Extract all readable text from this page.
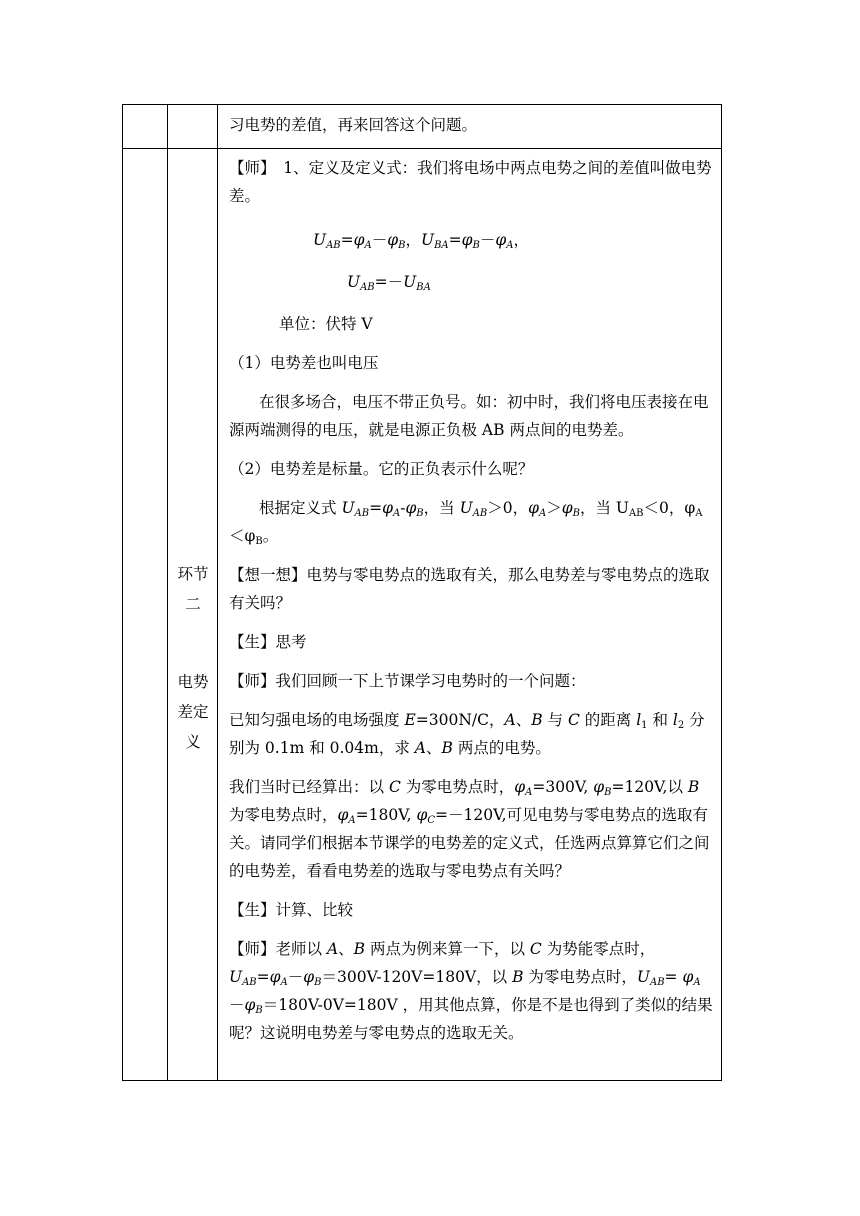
习电势的差值，再来回答这个问题。

环节
二
电势
差定
义

【师】　1、定义及定义式：我们将电场中两点电势之间的差值叫做电势差。

$U_{AB}=\varphi_A-\varphi_B$，$U_{BA}=\varphi_B-\varphi_A$，

$U_{AB}=-U_{BA}$

单位：伏特 V

（1）电势差也叫电压

在很多场合，电压不带正负号。如：初中时，我们将电压表接在电源两端测得的电压，就是电源正负极 AB 两点间的电势差。

（2）电势差是标量。它的正负表示什么呢？

根据定义式 $U_{AB}=\varphi_A-\varphi_B$，当 $U_{AB}>0$，$\varphi_A>\varphi_B$，当 $U_{AB}<0$，$\varphi_A<\varphi_B$。

【想一想】电势与零电势点的选取有关，那么电势差与零电势点的选取有关吗？

【生】思考

【师】我们回顾一下上节课学习电势时的一个问题：

已知匀强电场的电场强度 E=300N/C，A、B 与 C 的距离 $l_1$ 和 $l_2$ 分别为 0.1m 和 0.04m，求 A、B 两点的电势。

我们当时已经算出：以 C 为零电势点时，$\varphi_A=300V$, $\varphi_B=120V$,以 B 为零电势点时，$\varphi_A=180V$, $\varphi_C=-120V$,可见电势与零电势点的选取有关。请同学们根据本节课学的电势差的定义式，任选两点算算它们之间的电势差，看看电势差的选取与零电势点有关吗？

【生】计算、比较

【师】老师以 A、B 两点为例来算一下，以 C 为势能零点时，$U_{AB}=\varphi_A-\varphi_B=300V-120V=180V$，以 B 为零电势点时，$U_{AB}= \varphi_A-\varphi_B=180V-0V=180V$ ，用其他点算，你是不是也得到了类似的结果呢？这说明电势差与零电势点的选取无关。
